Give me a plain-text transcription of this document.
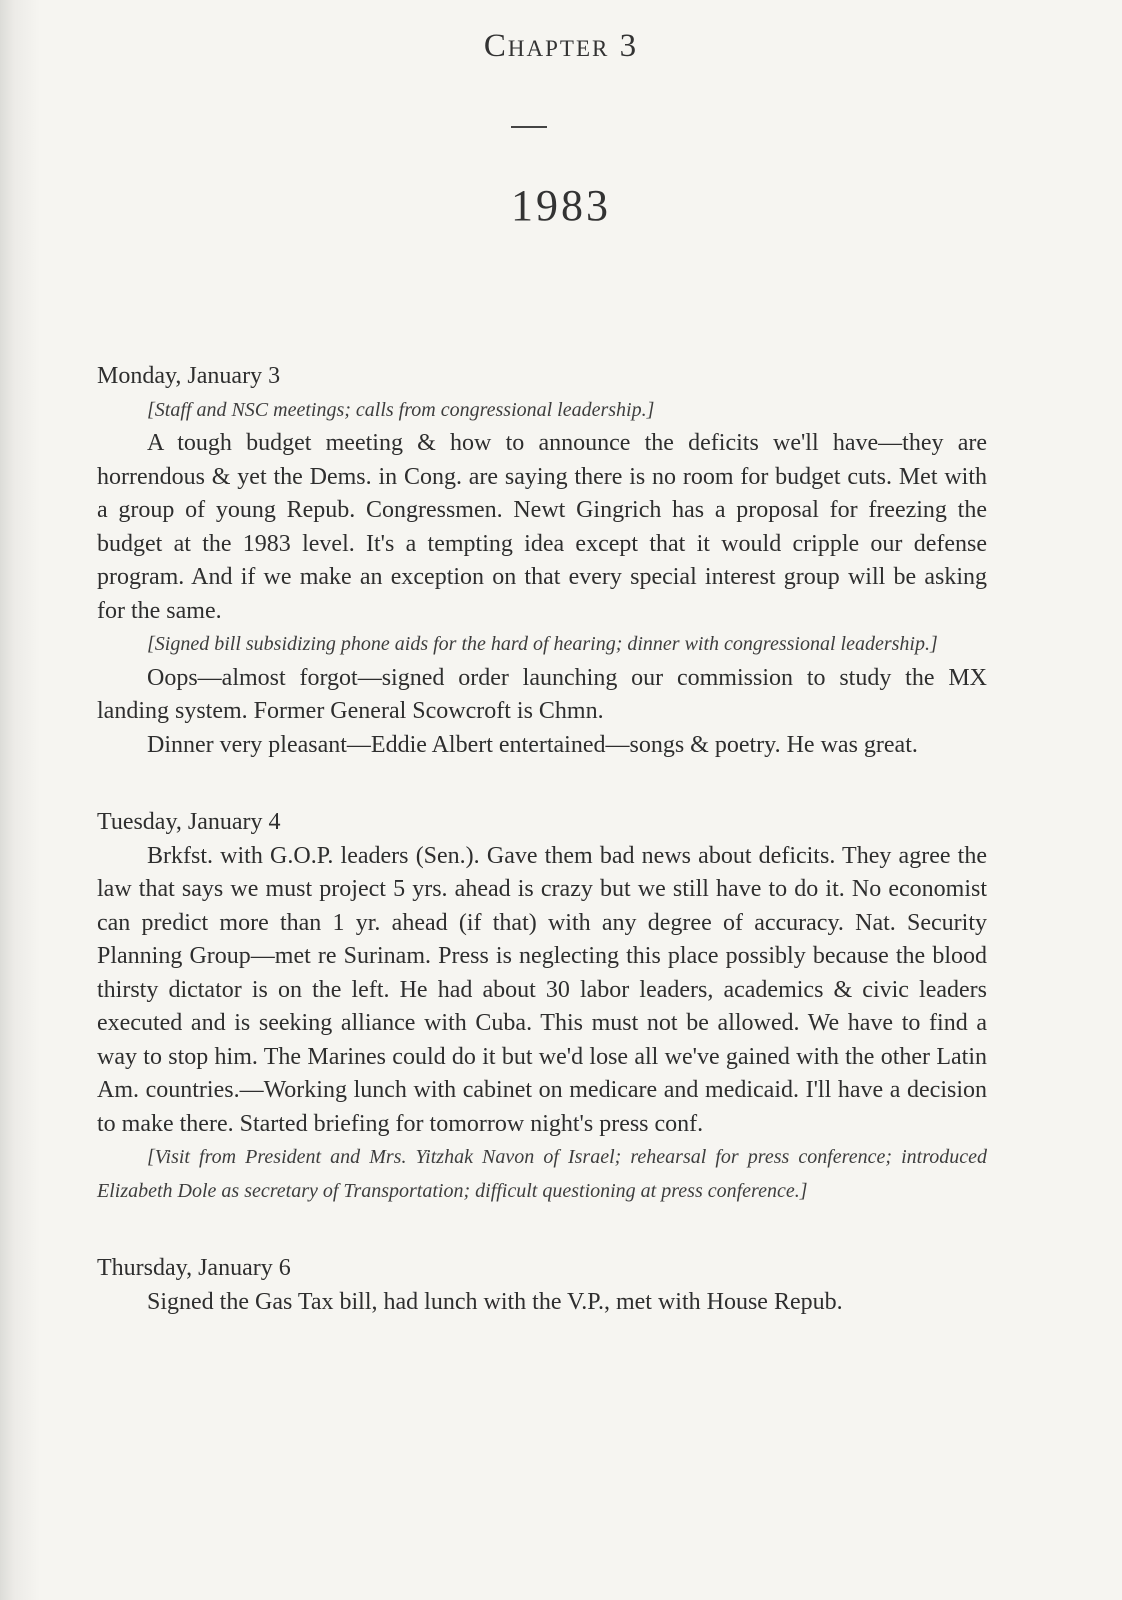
Chapter 3
1983

Monday, January 3

[Staff and NSC meetings; calls from congressional leadership.]

A tough budget meeting & how to announce the deficits we'll have—they are horrendous & yet the Dems. in Cong. are saying there is no room for budget cuts. Met with a group of young Repub. Congressmen. Newt Gingrich has a proposal for freezing the budget at the 1983 level. It's a tempting idea except that it would cripple our defense program. And if we make an exception on that every special interest group will be asking for the same.

[Signed bill subsidizing phone aids for the hard of hearing; dinner with congressional leadership.]

Oops—almost forgot—signed order launching our commission to study the MX landing system. Former General Scowcroft is Chmn.

Dinner very pleasant—Eddie Albert entertained—songs & poetry. He was great.

Tuesday, January 4

Brkfst. with G.O.P. leaders (Sen.). Gave them bad news about deficits. They agree the law that says we must project 5 yrs. ahead is crazy but we still have to do it. No economist can predict more than 1 yr. ahead (if that) with any degree of accuracy. Nat. Security Planning Group—met re Surinam. Press is neglecting this place possibly because the blood thirsty dictator is on the left. He had about 30 labor leaders, academics & civic leaders executed and is seeking alliance with Cuba. This must not be allowed. We have to find a way to stop him. The Marines could do it but we'd lose all we've gained with the other Latin Am. countries.—Working lunch with cabinet on medicare and medicaid. I'll have a decision to make there. Started briefing for tomorrow night's press conf.

[Visit from President and Mrs. Yitzhak Navon of Israel; rehearsal for press conference; introduced Elizabeth Dole as secretary of Transportation; difficult questioning at press conference.]

Thursday, January 6

Signed the Gas Tax bill, had lunch with the V.P., met with House Repub.
